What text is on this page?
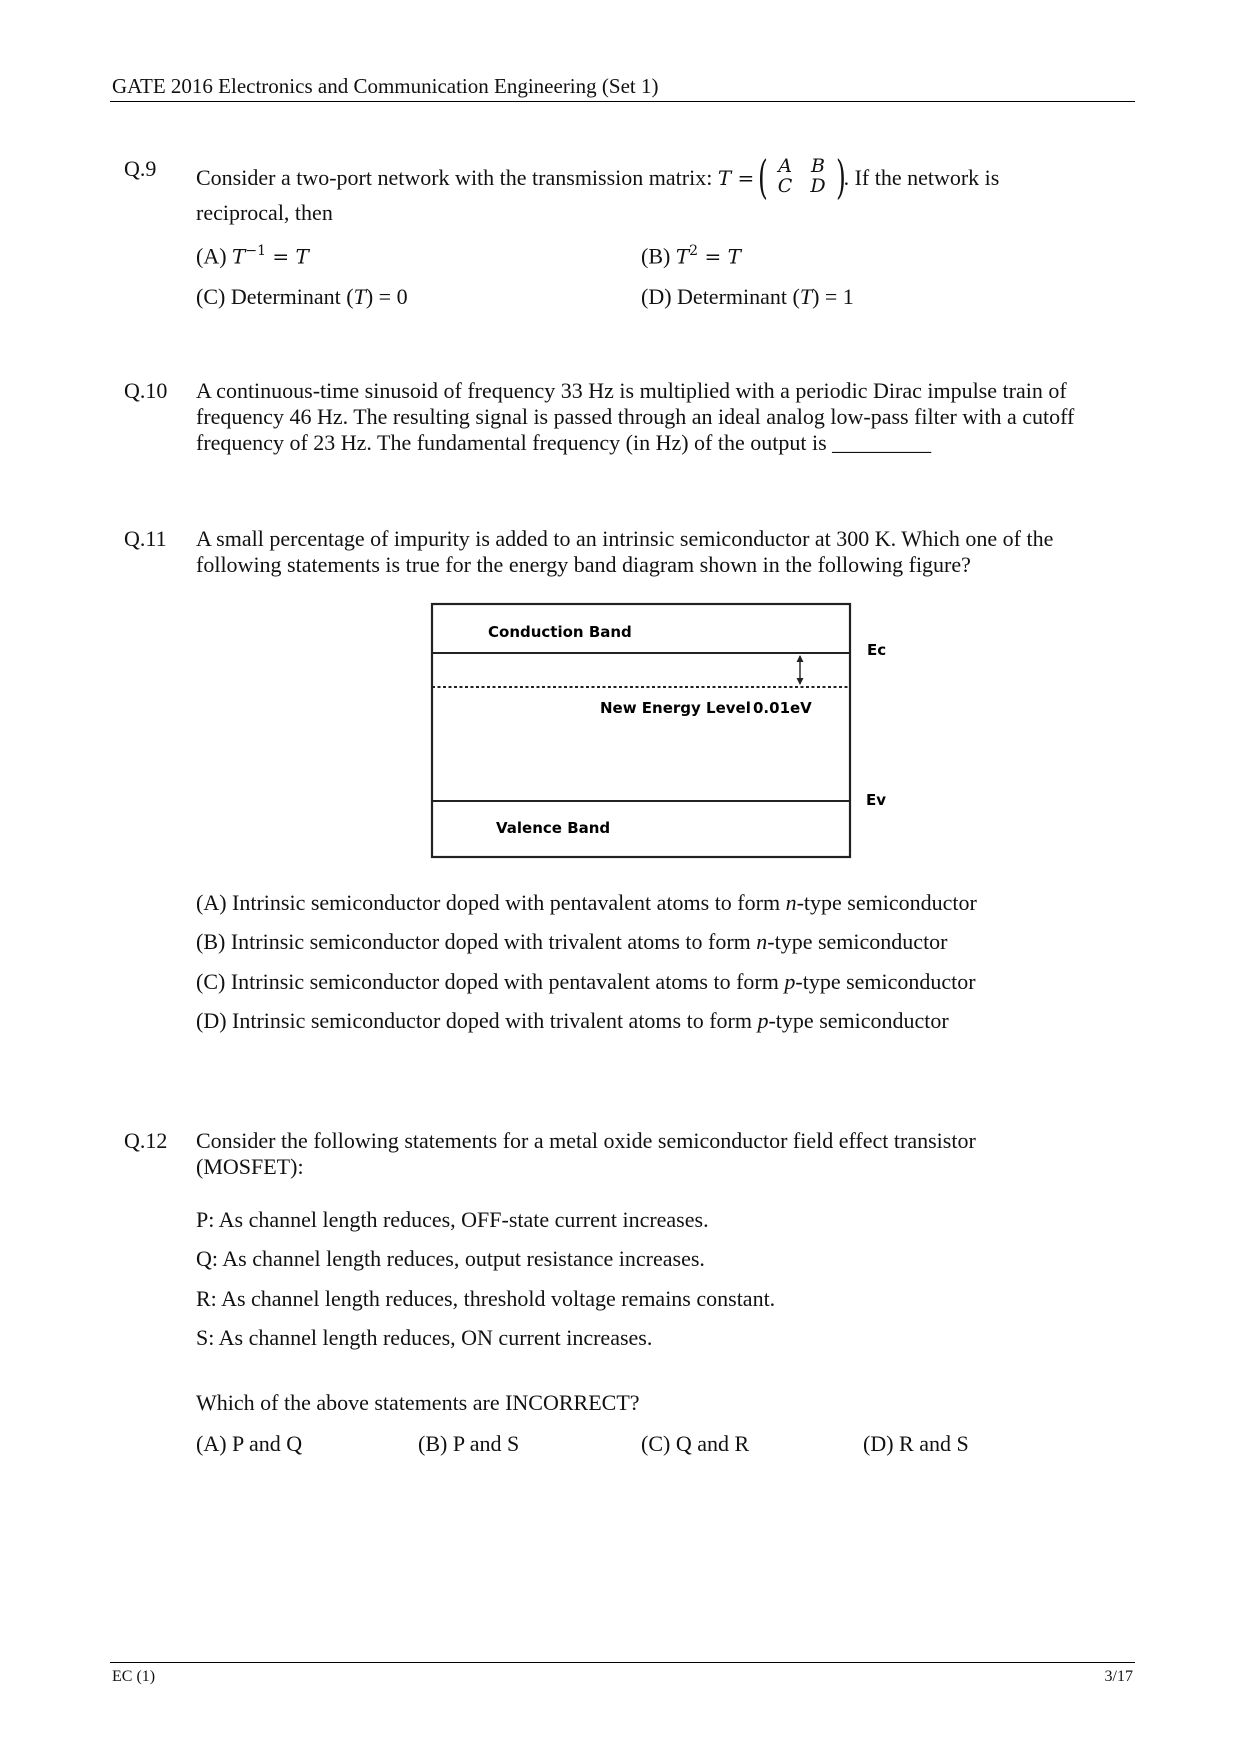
GATE 2016 Electronics and Communication Engineering (Set 1)
Q.9 Consider a two-port network with the transmission matrix: T = ( A	B
C	D )
. If the network is
reciprocal, then
(A) $T^{-1} = T$	(B) $T^2 = T$
(C) Determinant (T) = 0	(D) Determinant (T) = 1
Q.10 A continuous-time sinusoid of frequency 33 Hz is multiplied with a periodic Dirac impulse train of
frequency 46 Hz. The resulting signal is passed through an ideal analog low-pass filter with a cutoff
frequency of 23 Hz. The fundamental frequency (in Hz) of the output is _________
Q.11 A small percentage of impurity is added to an intrinsic semiconductor at 300 K. Which one of the
following statements is true for the energy band diagram shown in the following figure?
Conduction Band
New Energy Level 0.01eV
Ec
Ev
Valence Band
(A) Intrinsic semiconductor doped with pentavalent atoms to form n-type semiconductor
(B) Intrinsic semiconductor doped with trivalent atoms to form n-type semiconductor
(C) Intrinsic semiconductor doped with pentavalent atoms to form p-type semiconductor
(D) Intrinsic semiconductor doped with trivalent atoms to form p-type semiconductor
Q.12 Consider the following statements for a metal oxide semiconductor field effect transistor
(MOSFET):
P: As channel length reduces, OFF-state current increases.
Q: As channel length reduces, output resistance increases.
R: As channel length reduces, threshold voltage remains constant.
S: As channel length reduces, ON current increases.
Which of the above statements are INCORRECT?
(A) P and Q	(B) P and S	(C) Q and R	(D) R and S
EC (1)	3/17
